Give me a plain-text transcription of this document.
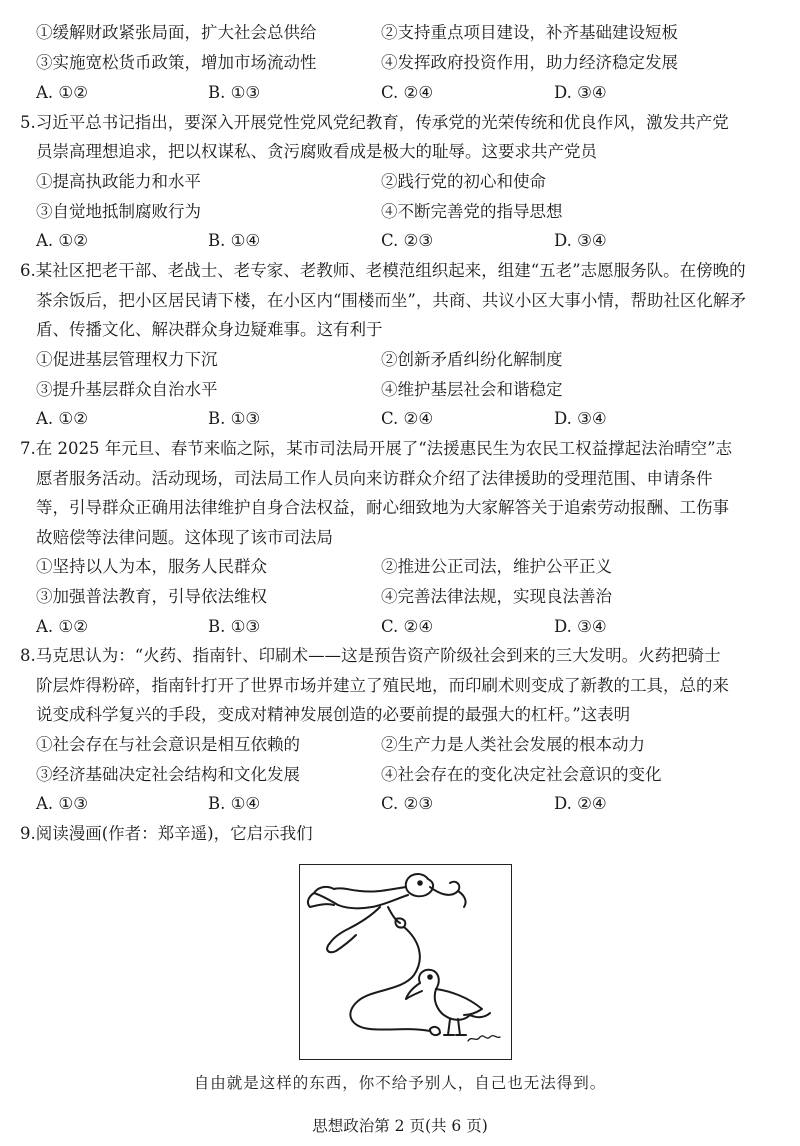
①缓解财政紧张局面，扩大社会总供给	②支持重点项目建设，补齐基础建设短板
③实施宽松货币政策，增加市场流动性	④发挥政府投资作用，助力经济稳定发展
A. ①②	B. ①③	C. ②④	D. ③④
5.习近平总书记指出，要深入开展党性党风党纪教育，传承党的光荣传统和优良作风，激发共产党
员崇高理想追求，把以权谋私、贪污腐败看成是极大的耻辱。这要求共产党员
①提高执政能力和水平	②践行党的初心和使命
③自觉地抵制腐败行为	④不断完善党的指导思想
A. ①②	B. ①④	C. ②③	D. ③④
6.某社区把老干部、老战士、老专家、老教师、老模范组织起来，组建“五老”志愿服务队。在傍晚的
茶余饭后，把小区居民请下楼，在小区内“围楼而坐”，共商、共议小区大事小情，帮助社区化解矛
盾、传播文化、解决群众身边疑难事。这有利于
①促进基层管理权力下沉	②创新矛盾纠纷化解制度
③提升基层群众自治水平	④维护基层社会和谐稳定
A. ①②	B. ①③	C. ②④	D. ③④
7.在 2025 年元旦、春节来临之际，某市司法局开展了“法援惠民生为农民工权益撑起法治晴空”志
愿者服务活动。活动现场，司法局工作人员向来访群众介绍了法律援助的受理范围、申请条件
等，引导群众正确用法律维护自身合法权益，耐心细致地为大家解答关于追索劳动报酬、工伤事
故赔偿等法律问题。这体现了该市司法局
①坚持以人为本，服务人民群众	②推进公正司法，维护公平正义
③加强普法教育，引导依法维权	④完善法律法规，实现良法善治
A. ①②	B. ①③	C. ②④	D. ③④
8.马克思认为：“火药、指南针、印刷术——这是预告资产阶级社会到来的三大发明。火药把骑士
阶层炸得粉碎，指南针打开了世界市场并建立了殖民地，而印刷术则变成了新教的工具，总的来
说变成科学复兴的手段，变成对精神发展创造的必要前提的最强大的杠杆。”这表明
①社会存在与社会意识是相互依赖的	②生产力是人类社会发展的根本动力
③经济基础决定社会结构和文化发展	④社会存在的变化决定社会意识的变化
A. ①③	B. ①④	C. ②③	D. ②④
9.阅读漫画(作者：郑辛遥)，它启示我们
自由就是这样的东西，你不给予别人，自己也无法得到。
思想政治第 2 页(共 6 页)
